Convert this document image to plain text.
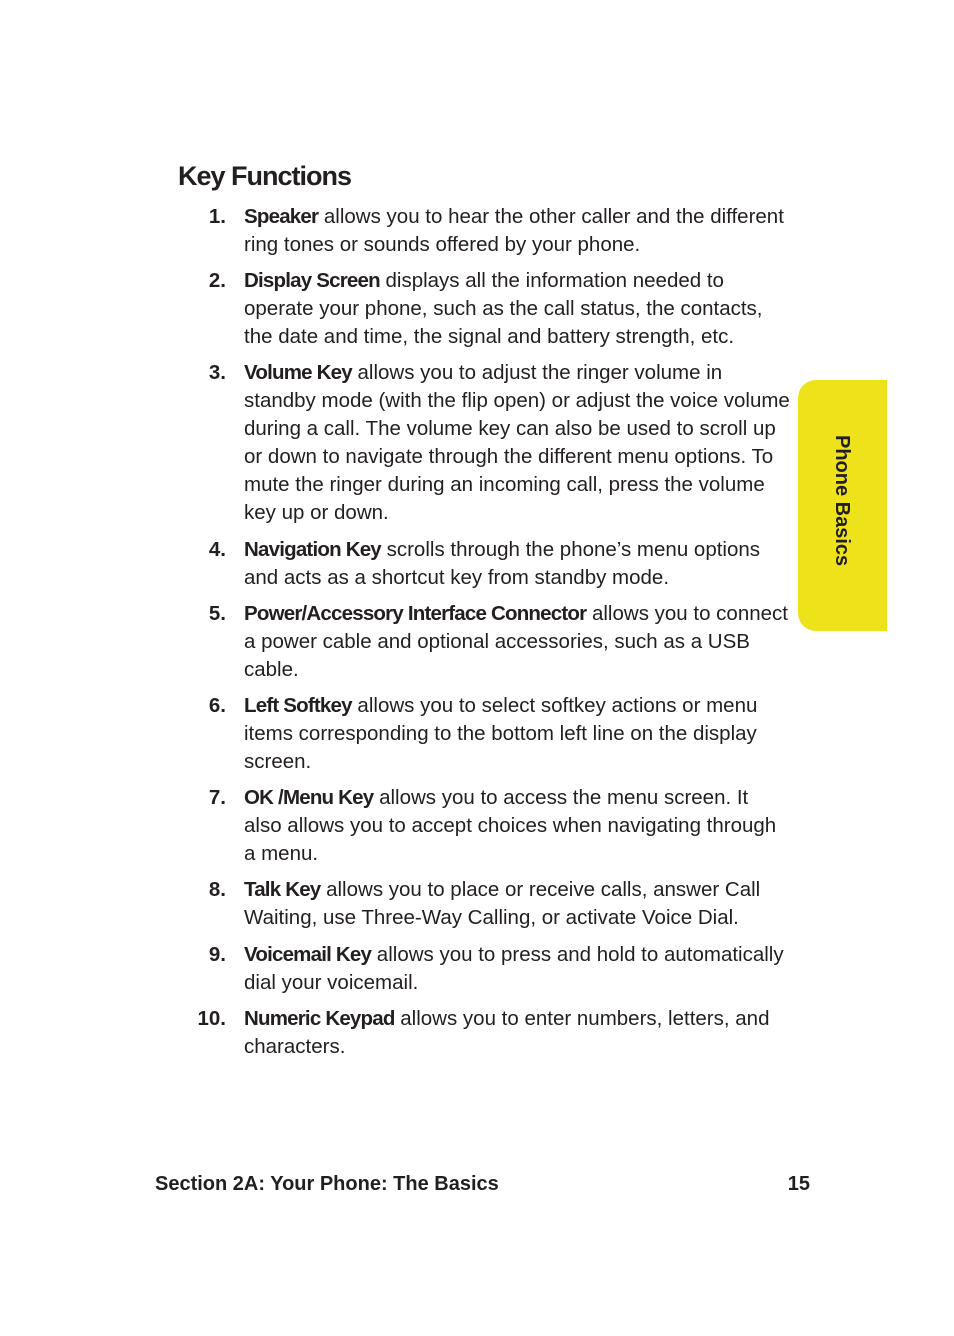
Key Functions
1. Speaker allows you to hear the other caller and the different ring tones or sounds offered by your phone.
2. Display Screen displays all the information needed to operate your phone, such as the call status, the contacts, the date and time, the signal and battery strength, etc.
3. Volume Key allows you to adjust the ringer volume in standby mode (with the flip open) or adjust the voice volume during a call. The volume key can also be used to scroll up or down to navigate through the different menu options. To mute the ringer during an incoming call, press the volume key up or down.
4. Navigation Key scrolls through the phone’s menu options and acts as a shortcut key from standby mode.
5. Power/Accessory Interface Connector allows you to connect a power cable and optional accessories, such as a USB cable.
6. Left Softkey allows you to select softkey actions or menu items corresponding to the bottom left line on the display screen.
7. OK /Menu Key allows you to access the menu screen. It also allows you to accept choices when navigating through a menu.
8. Talk Key allows you to place or receive calls, answer Call Waiting, use Three-Way Calling, or activate Voice Dial.
9. Voicemail Key allows you to press and hold to automatically dial your voicemail.
10. Numeric Keypad allows you to enter numbers, letters, and characters.
Phone Basics
Section 2A: Your Phone: The Basics	15
